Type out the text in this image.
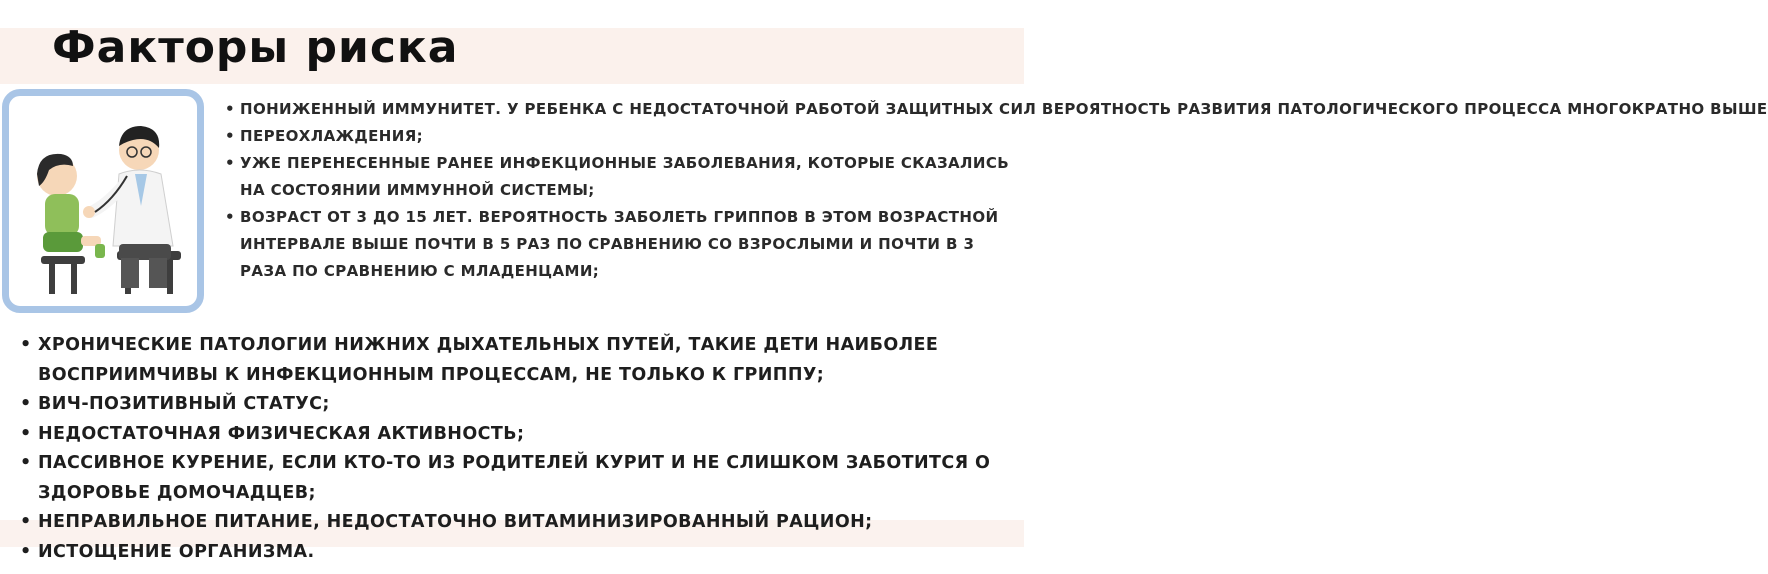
Факторы риска
• ПОНИЖЕННЫЙ ИММУНИТЕТ. У РЕБЕНКА С НЕДОСТАТОЧНОЙ РАБОТОЙ ЗАЩИТНЫХ СИЛ ВЕРОЯТНОСТЬ РАЗВИТИЯ ПАТОЛОГИЧЕСКОГО ПРОЦЕССА МНОГОКРАТНО ВЫШЕ
• ПЕРЕОХЛАЖДЕНИЯ;
• УЖЕ ПЕРЕНЕСЕННЫЕ РАНЕЕ ИНФЕКЦИОННЫЕ ЗАБОЛЕВАНИЯ, КОТОРЫЕ СКАЗАЛИСЬ НА СОСТОЯНИИ ИММУННОЙ СИСТЕМЫ;
• ВОЗРАСТ ОТ 3 ДО 15 ЛЕТ. ВЕРОЯТНОСТЬ ЗАБОЛЕТЬ ГРИППОВ В ЭТОМ ВОЗРАСТНОЙ ИНТЕРВАЛЕ ВЫШЕ ПОЧТИ В 5 РАЗ ПО СРАВНЕНИЮ СО ВЗРОСЛЫМИ И ПОЧТИ В 3 РАЗА ПО СРАВНЕНИЮ С МЛАДЕНЦАМИ;
• ХРОНИЧЕСКИЕ ПАТОЛОГИИ НИЖНИХ ДЫХАТЕЛЬНЫХ ПУТЕЙ, ТАКИЕ ДЕТИ НАИБОЛЕЕ ВОСПРИИМЧИВЫ К ИНФЕКЦИОННЫМ ПРОЦЕССАМ, НЕ ТОЛЬКО К ГРИППУ;
• ВИЧ-ПОЗИТИВНЫЙ СТАТУС;
• НЕДОСТАТОЧНАЯ ФИЗИЧЕСКАЯ АКТИВНОСТЬ;
• ПАССИВНОЕ КУРЕНИЕ, ЕСЛИ КТО-ТО ИЗ РОДИТЕЛЕЙ КУРИТ И НЕ СЛИШКОМ ЗАБОТИТСЯ О ЗДОРОВЬЕ ДОМОЧАДЦЕВ;
• НЕПРАВИЛЬНОЕ ПИТАНИЕ, НЕДОСТАТОЧНО ВИТАМИНИЗИРОВАННЫЙ РАЦИОН;
• ИСТОЩЕНИЕ ОРГАНИЗМА.
